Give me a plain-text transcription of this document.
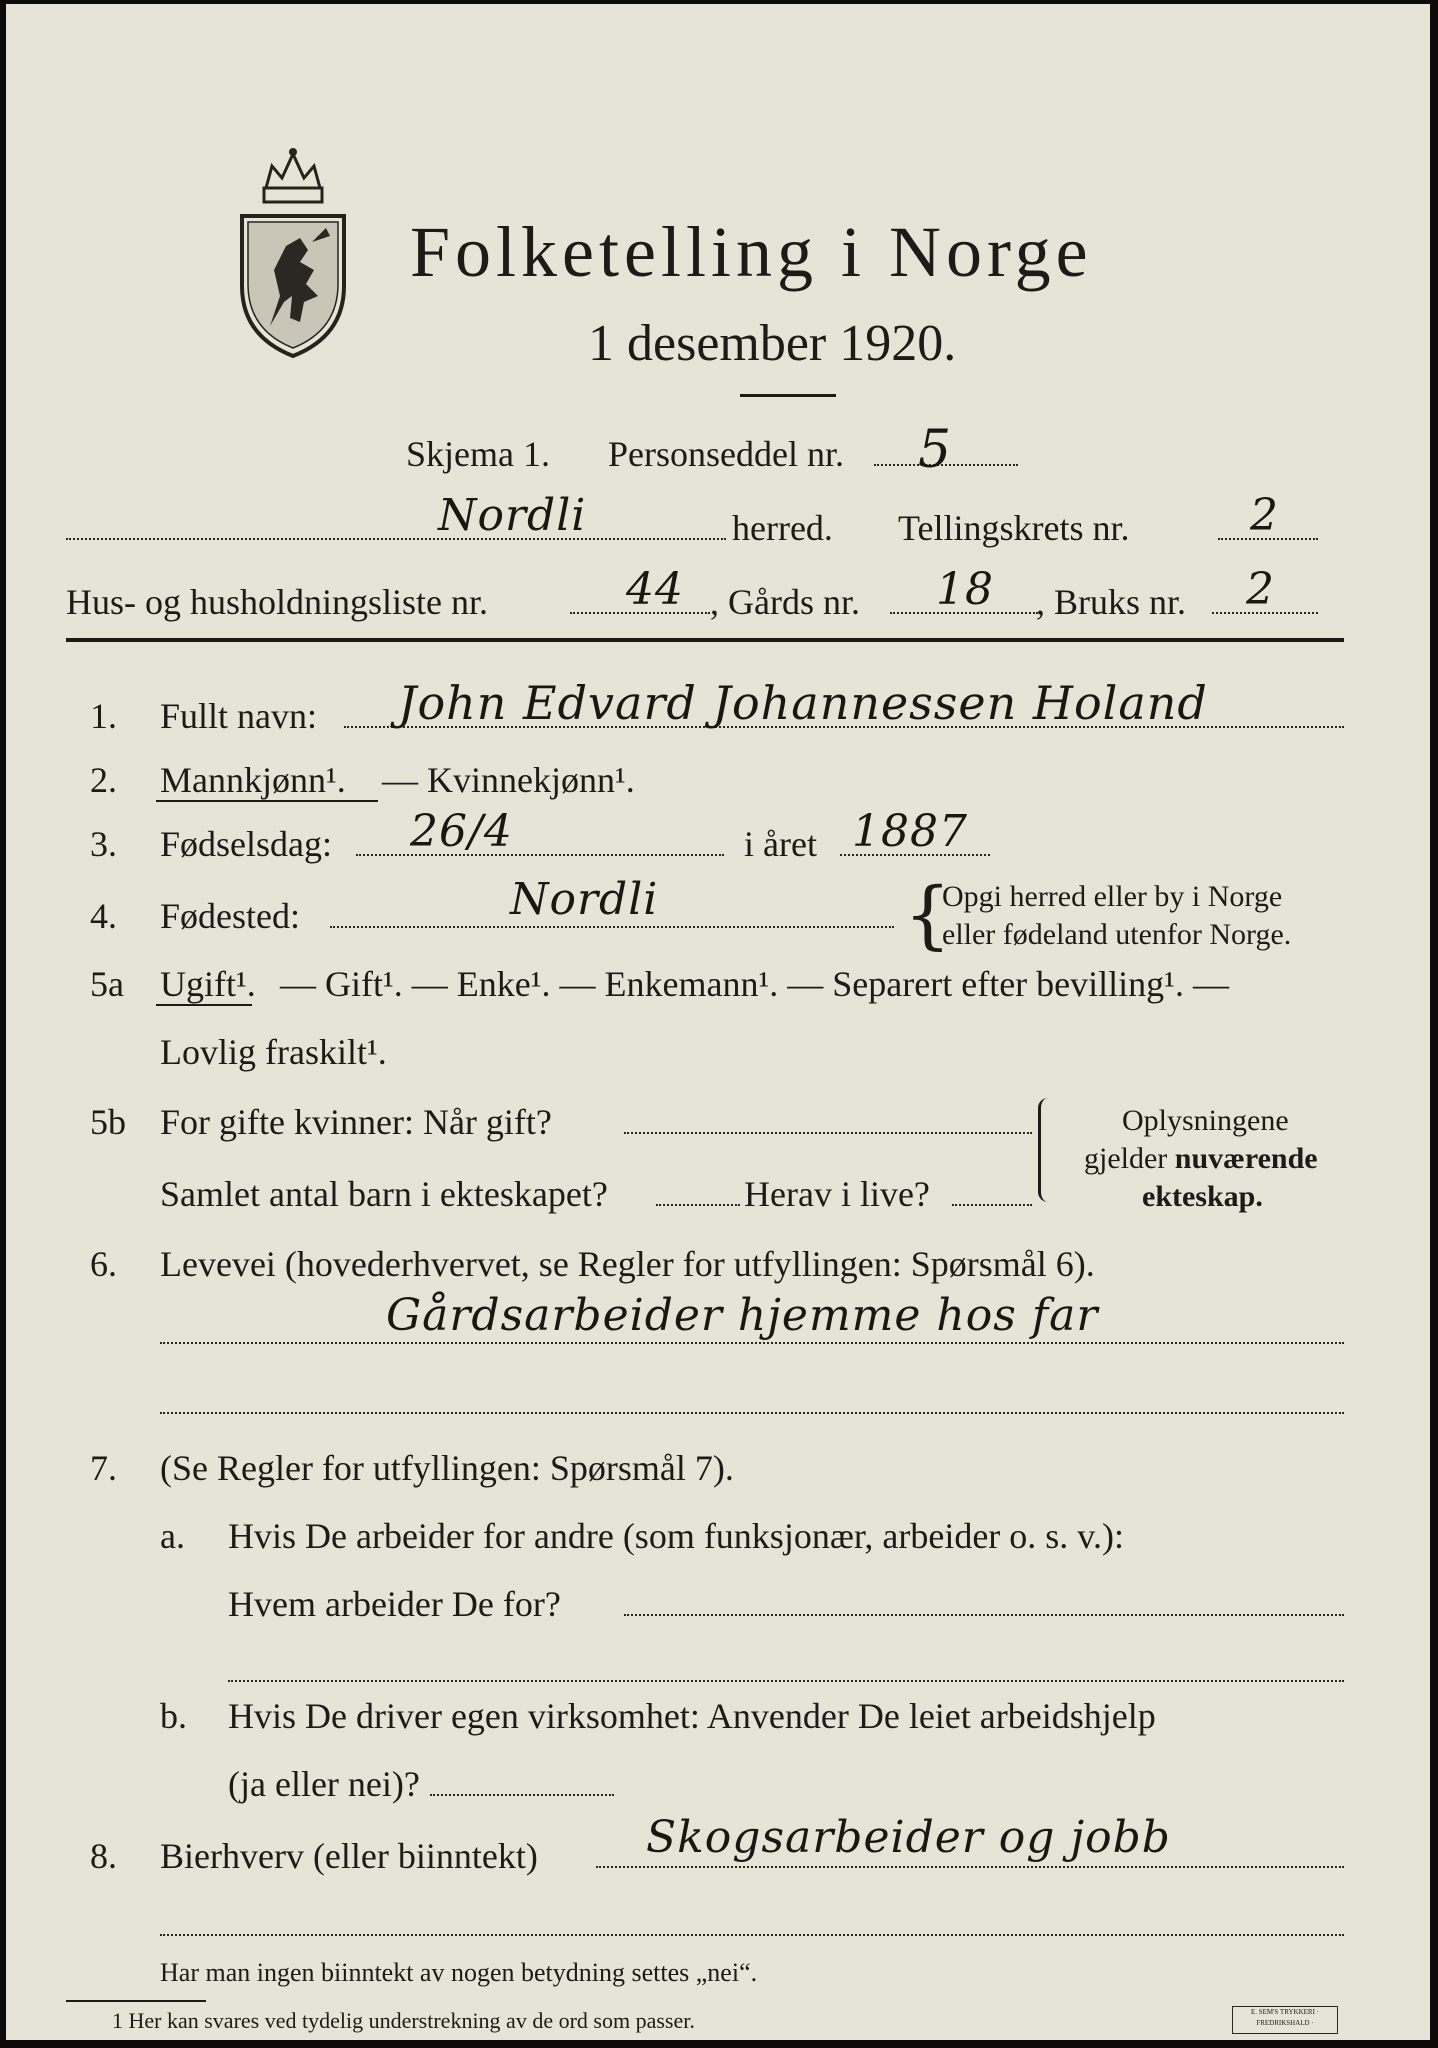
Folketelling i Norge
1 desember 1920.
Skjema 1. Personseddel nr. 5
Nordli	herred. Tellingskrets nr.	2
Hus- og husholdningsliste nr.	44 , Gårds nr. 18 , Bruks nr. 2
1. Fullt navn: John Edvard Johannessen Holand
2. Mannkjønn¹. — Kvinnekjønn¹.
3. Fødselsdag: 26/4	i året 1887
4. Fødested:	Nordli	{
Opgi herred eller by i Norge
eller fødeland utenfor Norge.
5a Ugift¹. — Gift¹. — Enke¹. — Enkemann¹. — Separert efter bevilling¹. —
Lovlig fraskilt¹.
5b For gifte kvinner: Når gift?
Samlet antal barn i ekteskapet?	Herav i live?
Oplysningene
gjelder nuværende
ekteskap.
6. Levevei (hovederhvervet, se Regler for utfyllingen: Spørsmål 6).
Gårdsarbeider hjemme hos far
7. (Se Regler for utfyllingen: Spørsmål 7).
a. Hvis De arbeider for andre (som funksjonær, arbeider o. s. v.):
Hvem arbeider De for?
b. Hvis De driver egen virksomhet: Anvender De leiet arbeidshjelp
(ja eller nei)?
8. Bierhverv (eller biinntekt) Skogsarbeider og jobb
Har man ingen biinntekt av nogen betydning settes „nei“.
1 Her kan svares ved tydelig understrekning av de ord som passer.	E. SEM'S TRYKKERI · FREDRIKSHALD ·
